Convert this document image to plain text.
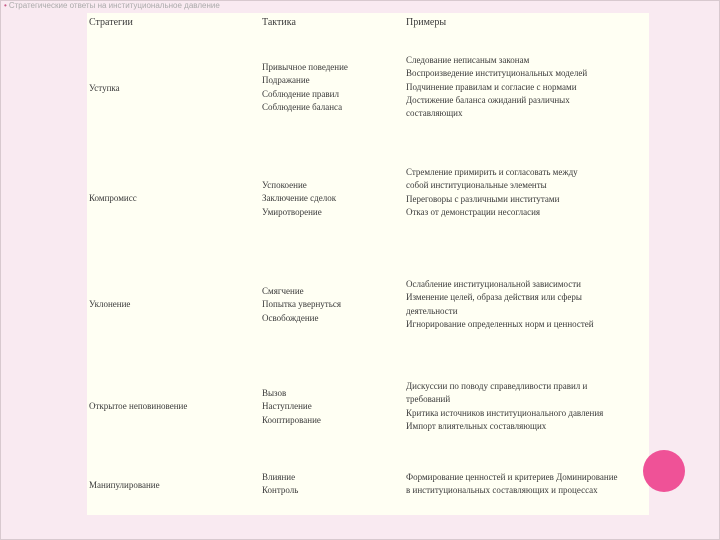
• Стратегические ответы на институциональное давление
Стратегии	Тактика	Примеры
Уступка
Привычное поведение
Подражание
Соблюдение правил
Соблюдение баланса
Следование неписаным законам
Воспроизведение институциональных моделей
Подчинение правилам и согласие с нормами
Достижение баланса ожиданий различных
составляющих
Компромисс
Успокоение
Заключение сделок
Умиротворение
Стремление примирить и согласовать между
собой институциональные элементы
Переговоры с различными институтами
Отказ от демонстрации несогласия
Уклонение
Смягчение
Попытка увернуться
Освобождение
Ослабление институциональной зависимости
Изменение целей, образа действия или сферы
деятельности
Игнорирование определенных норм и ценностей
Открытое неповиновение
Вызов
Наступление
Кооптирование
Дискуссии по поводу справедливости правил и
требований
Критика источников институционального давления
Импорт влиятельных составляющих
Манипулирование
Влияние
Контроль
Формирование ценностей и критериев Доминирование
в институциональных составляющих и процессах
